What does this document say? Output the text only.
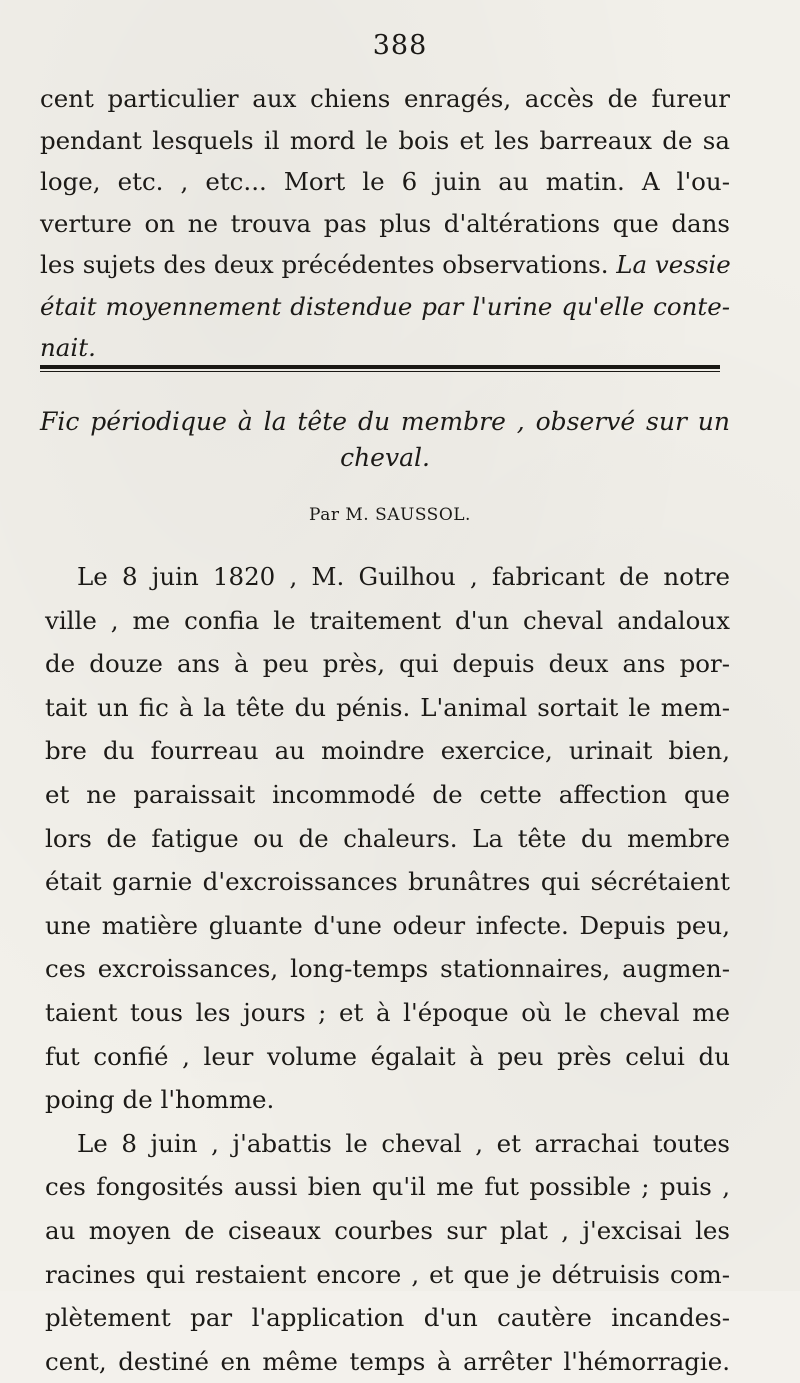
388
cent particulier aux chiens enragés, accès de fureur
pendant lesquels il mord le bois et les barreaux de sa
loge, etc. , etc... Mort le 6 juin au matin. A l'ou-
verture on ne trouva pas plus d'altérations que dans
les sujets des deux précédentes observations. La vessie
était moyennement distendue par l'urine qu'elle conte-
nait.
Fic périodique à la tête du membre , observé sur un
cheval.
Par M. SAUSSOL.
Le 8 juin 1820 , M. Guilhou , fabricant de notre
ville , me confia le traitement d'un cheval andaloux
de douze ans à peu près, qui depuis deux ans por-
tait un fic à la tête du pénis. L'animal sortait le mem-
bre du fourreau au moindre exercice, urinait bien,
et ne paraissait incommodé de cette affection que
lors de fatigue ou de chaleurs. La tête du membre
était garnie d'excroissances brunâtres qui sécrétaient
une matière gluante d'une odeur infecte. Depuis peu,
ces excroissances, long-temps stationnaires, augmen-
taient tous les jours ; et à l'époque où le cheval me
fut confié , leur volume égalait à peu près celui du
poing de l'homme.
Le 8 juin , j'abattis le cheval , et arrachai toutes
ces fongosités aussi bien qu'il me fut possible ; puis ,
au moyen de ciseaux courbes sur plat , j'excisai les
racines qui restaient encore , et que je détruisis com-
plètement par l'application d'un cautère incandes-
cent, destiné en même temps à arrêter l'hémorragie.
